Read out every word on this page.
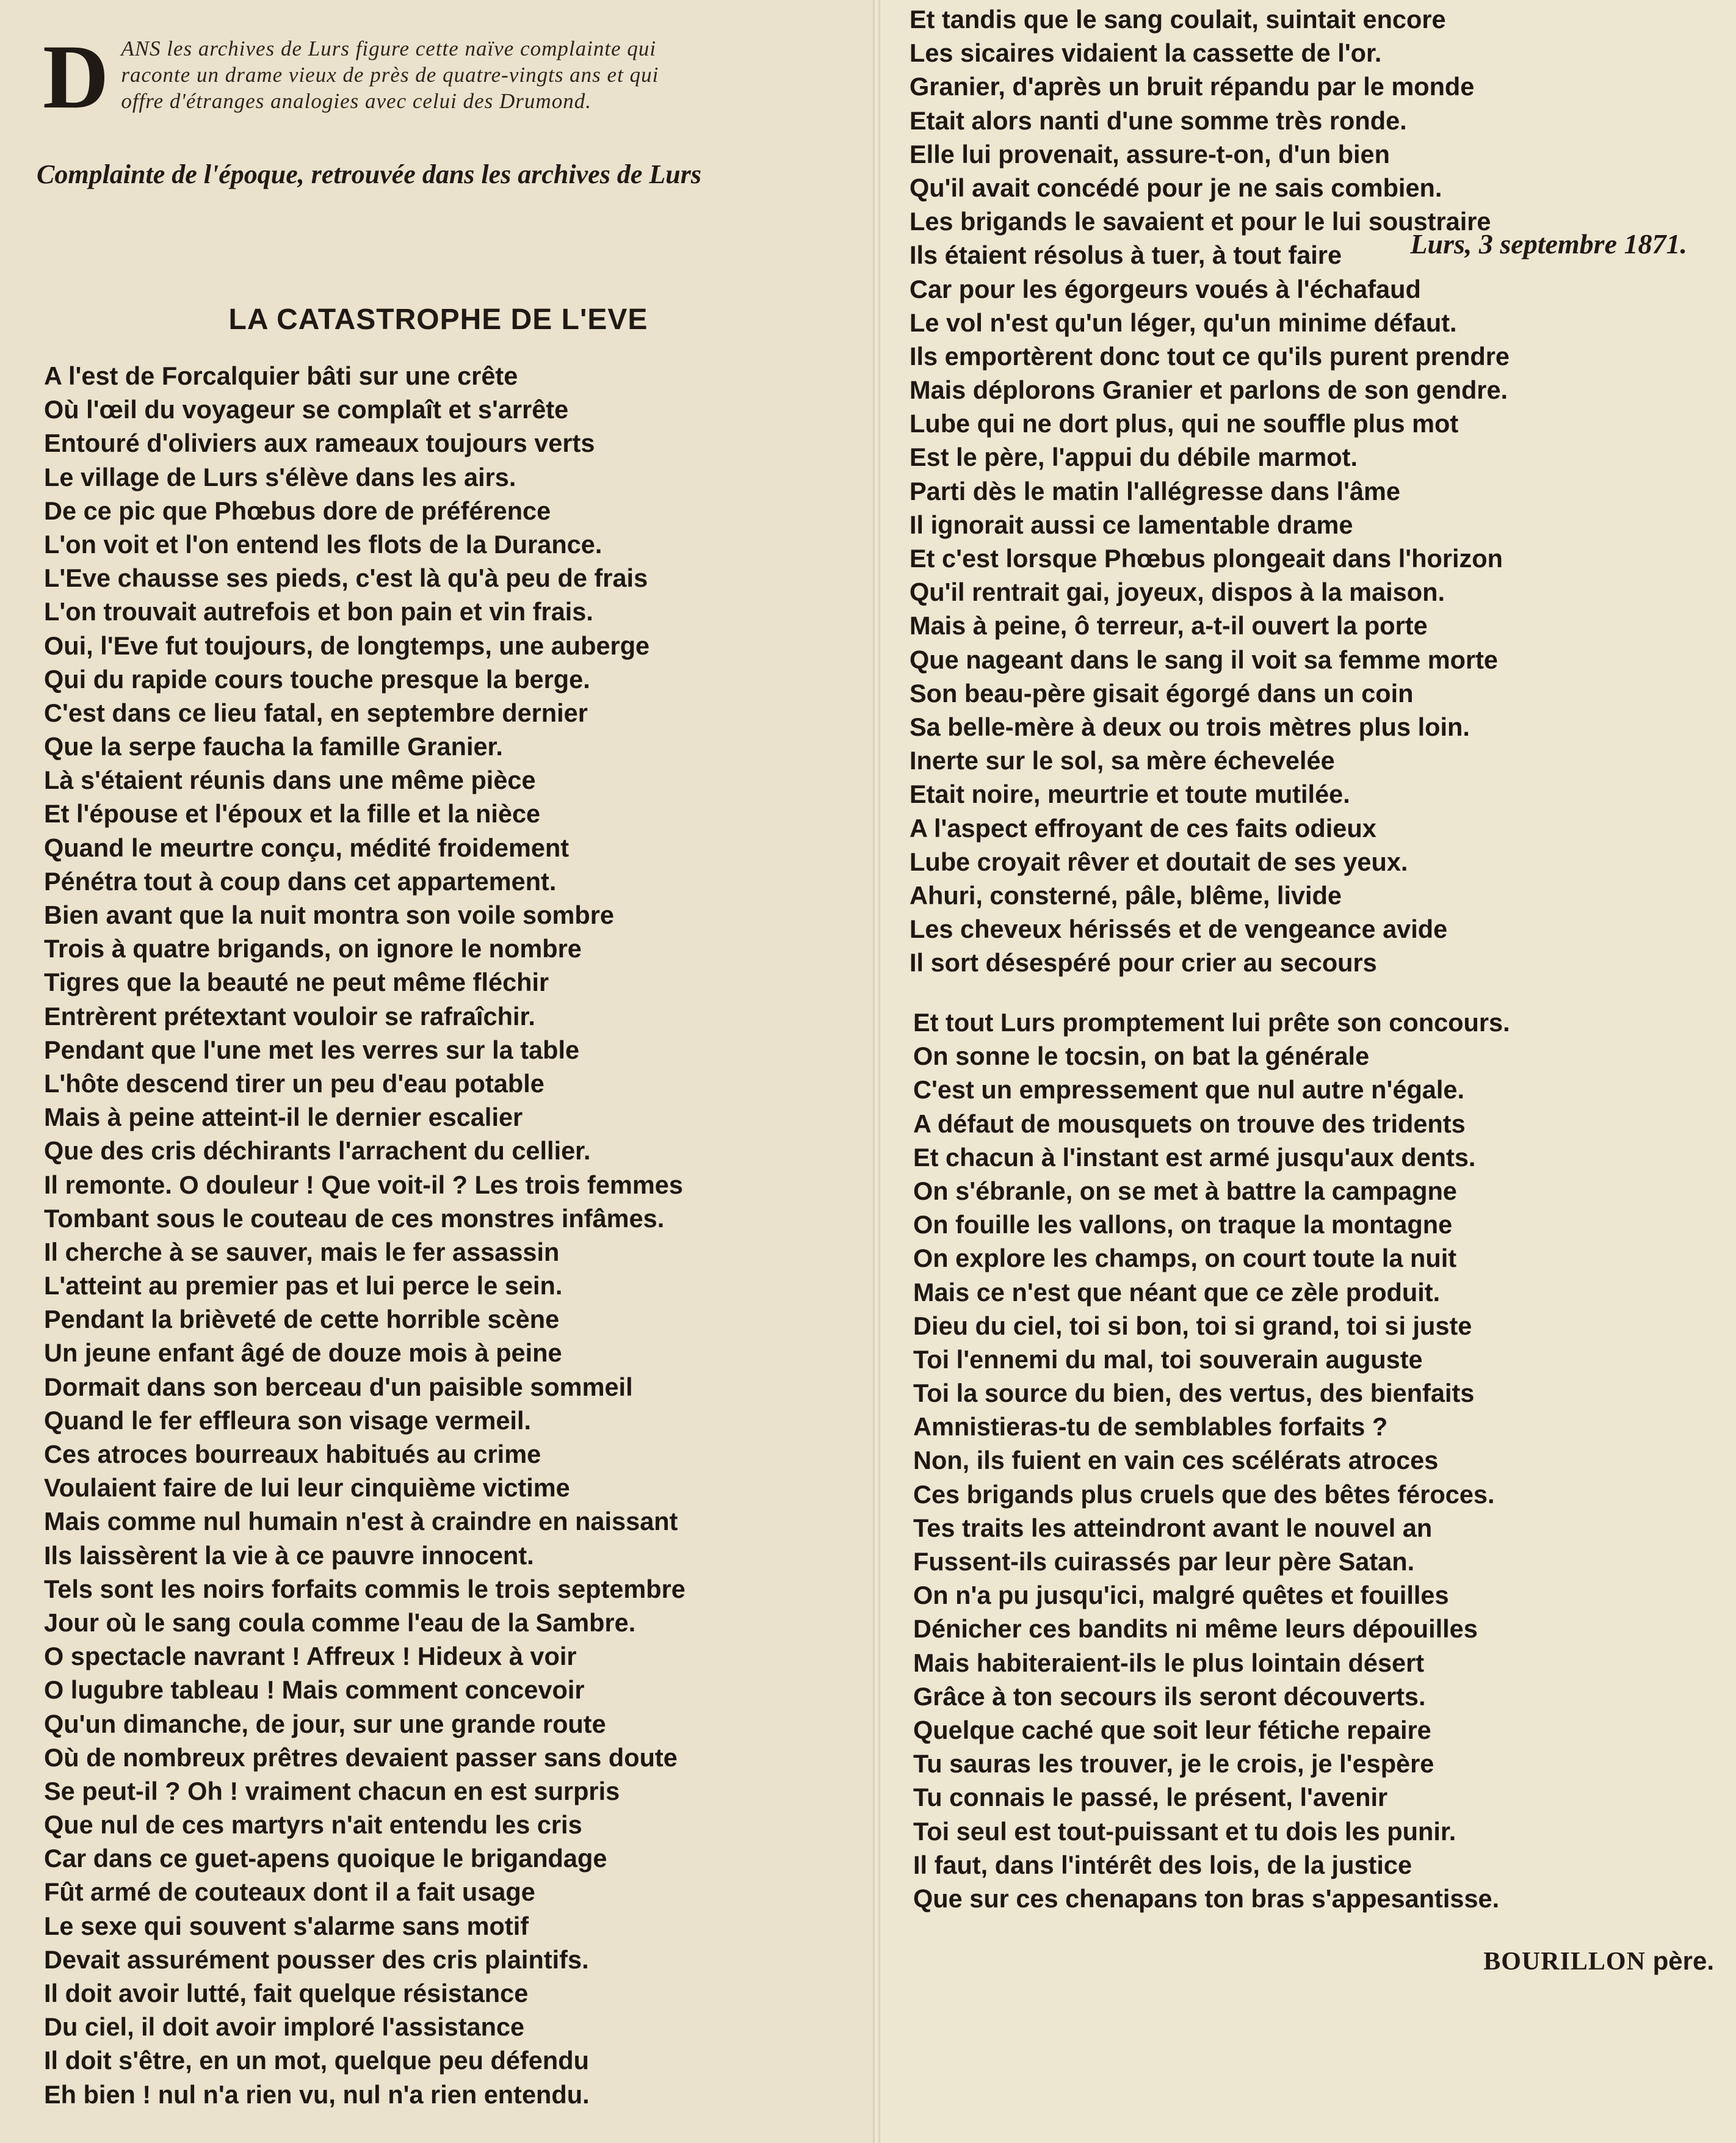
D ANS les archives de Lurs figure cette naïve complainte qui
raconte un drame vieux de près de quatre-vingts ans et qui
offre d'étranges analogies avec celui des Drumond.
Complainte de l'époque, retrouvée dans les archives de Lurs
Lurs, 3 septembre 1871.
LA CATASTROPHE DE L'EVE
A l'est de Forcalquier bâti sur une crête
Où l'œil du voyageur se complaît et s'arrête
Entouré d'oliviers aux rameaux toujours verts
Le village de Lurs s'élève dans les airs.
De ce pic que Phœbus dore de préférence
L'on voit et l'on entend les flots de la Durance.
L'Eve chausse ses pieds, c'est là qu'à peu de frais
L'on trouvait autrefois et bon pain et vin frais.
Oui, l'Eve fut toujours, de longtemps, une auberge
Qui du rapide cours touche presque la berge.
C'est dans ce lieu fatal, en septembre dernier
Que la serpe faucha la famille Granier.
Là s'étaient réunis dans une même pièce
Et l'épouse et l'époux et la fille et la nièce
Quand le meurtre conçu, médité froidement
Pénétra tout à coup dans cet appartement.
Bien avant que la nuit montra son voile sombre
Trois à quatre brigands, on ignore le nombre
Tigres que la beauté ne peut même fléchir
Entrèrent prétextant vouloir se rafraîchir.
Pendant que l'une met les verres sur la table
L'hôte descend tirer un peu d'eau potable
Mais à peine atteint-il le dernier escalier
Que des cris déchirants l'arrachent du cellier.
Il remonte. O douleur ! Que voit-il ? Les trois femmes
Tombant sous le couteau de ces monstres infâmes.
Il cherche à se sauver, mais le fer assassin
L'atteint au premier pas et lui perce le sein.
Pendant la brièveté de cette horrible scène
Un jeune enfant âgé de douze mois à peine
Dormait dans son berceau d'un paisible sommeil
Quand le fer effleura son visage vermeil.
Ces atroces bourreaux habitués au crime
Voulaient faire de lui leur cinquième victime
Mais comme nul humain n'est à craindre en naissant
Ils laissèrent la vie à ce pauvre innocent.
Tels sont les noirs forfaits commis le trois septembre
Jour où le sang coula comme l'eau de la Sambre.
O spectacle navrant ! Affreux ! Hideux à voir
O lugubre tableau ! Mais comment concevoir
Qu'un dimanche, de jour, sur une grande route
Où de nombreux prêtres devaient passer sans doute
Se peut-il ? Oh ! vraiment chacun en est surpris
Que nul de ces martyrs n'ait entendu les cris
Car dans ce guet-apens quoique le brigandage
Fût armé de couteaux dont il a fait usage
Le sexe qui souvent s'alarme sans motif
Devait assurément pousser des cris plaintifs.
Il doit avoir lutté, fait quelque résistance
Du ciel, il doit avoir imploré l'assistance
Il doit s'être, en un mot, quelque peu défendu
Eh bien ! nul n'a rien vu, nul n'a rien entendu.
Et tandis que le sang coulait, suintait encore
Les sicaires vidaient la cassette de l'or.
Granier, d'après un bruit répandu par le monde
Etait alors nanti d'une somme très ronde.
Elle lui provenait, assure-t-on, d'un bien
Qu'il avait concédé pour je ne sais combien.
Les brigands le savaient et pour le lui soustraire
Ils étaient résolus à tuer, à tout faire
Car pour les égorgeurs voués à l'échafaud
Le vol n'est qu'un léger, qu'un minime défaut.
Ils emportèrent donc tout ce qu'ils purent prendre
Mais déplorons Granier et parlons de son gendre.
Lube qui ne dort plus, qui ne souffle plus mot
Est le père, l'appui du débile marmot.
Parti dès le matin l'allégresse dans l'âme
Il ignorait aussi ce lamentable drame
Et c'est lorsque Phœbus plongeait dans l'horizon
Qu'il rentrait gai, joyeux, dispos à la maison.
Mais à peine, ô terreur, a-t-il ouvert la porte
Que nageant dans le sang il voit sa femme morte
Son beau-père gisait égorgé dans un coin
Sa belle-mère à deux ou trois mètres plus loin.
Inerte sur le sol, sa mère échevelée
Etait noire, meurtrie et toute mutilée.
A l'aspect effroyant de ces faits odieux
Lube croyait rêver et doutait de ses yeux.
Ahuri, consterné, pâle, blême, livide
Les cheveux hérissés et de vengeance avide
Il sort désespéré pour crier au secours
Et tout Lurs promptement lui prête son concours.
On sonne le tocsin, on bat la générale
C'est un empressement que nul autre n'égale.
A défaut de mousquets on trouve des tridents
Et chacun à l'instant est armé jusqu'aux dents.
On s'ébranle, on se met à battre la campagne
On fouille les vallons, on traque la montagne
On explore les champs, on court toute la nuit
Mais ce n'est que néant que ce zèle produit.
Dieu du ciel, toi si bon, toi si grand, toi si juste
Toi l'ennemi du mal, toi souverain auguste
Toi la source du bien, des vertus, des bienfaits
Amnistieras-tu de semblables forfaits ?
Non, ils fuient en vain ces scélérats atroces
Ces brigands plus cruels que des bêtes féroces.
Tes traits les atteindront avant le nouvel an
Fussent-ils cuirassés par leur père Satan.
On n'a pu jusqu'ici, malgré quêtes et fouilles
Dénicher ces bandits ni même leurs dépouilles
Mais habiteraient-ils le plus lointain désert
Grâce à ton secours ils seront découverts.
Quelque caché que soit leur fétiche repaire
Tu sauras les trouver, je le crois, je l'espère
Tu connais le passé, le présent, l'avenir
Toi seul est tout-puissant et tu dois les punir.
Il faut, dans l'intérêt des lois, de la justice
Que sur ces chenapans ton bras s'appesantisse.
BOURILLON père.
